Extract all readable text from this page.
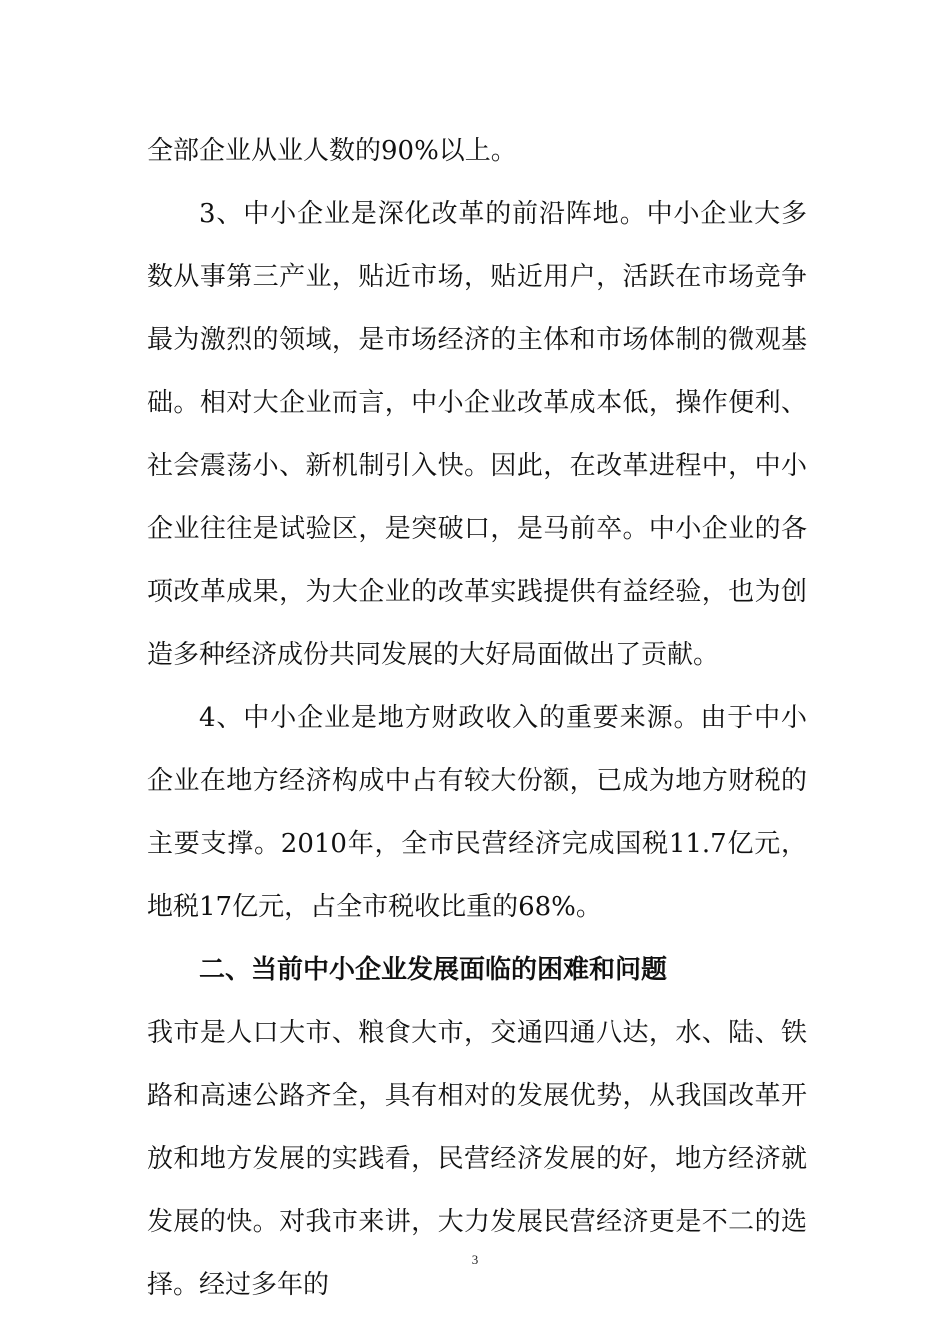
全部企业从业人数的90%以上。

3、中小企业是深化改革的前沿阵地。中小企业大多数从事第三产业，贴近市场，贴近用户，活跃在市场竞争最为激烈的领域，是市场经济的主体和市场体制的微观基础。相对大企业而言，中小企业改革成本低，操作便利、社会震荡小、新机制引入快。因此，在改革进程中，中小企业往往是试验区，是突破口，是马前卒。中小企业的各项改革成果，为大企业的改革实践提供有益经验，也为创造多种经济成份共同发展的大好局面做出了贡献。

4、中小企业是地方财政收入的重要来源。由于中小企业在地方经济构成中占有较大份额，已成为地方财税的主要支撑。2010年，全市民营经济完成国税11.7亿元，地税17亿元，占全市税收比重的68%。

二、当前中小企业发展面临的困难和问题

我市是人口大市、粮食大市，交通四通八达，水、陆、铁路和高速公路齐全，具有相对的发展优势，从我国改革开放和地方发展的实践看，民营经济发展的好，地方经济就发展的快。对我市来讲，大力发展民营经济更是不二的选择。经过多年的

3
